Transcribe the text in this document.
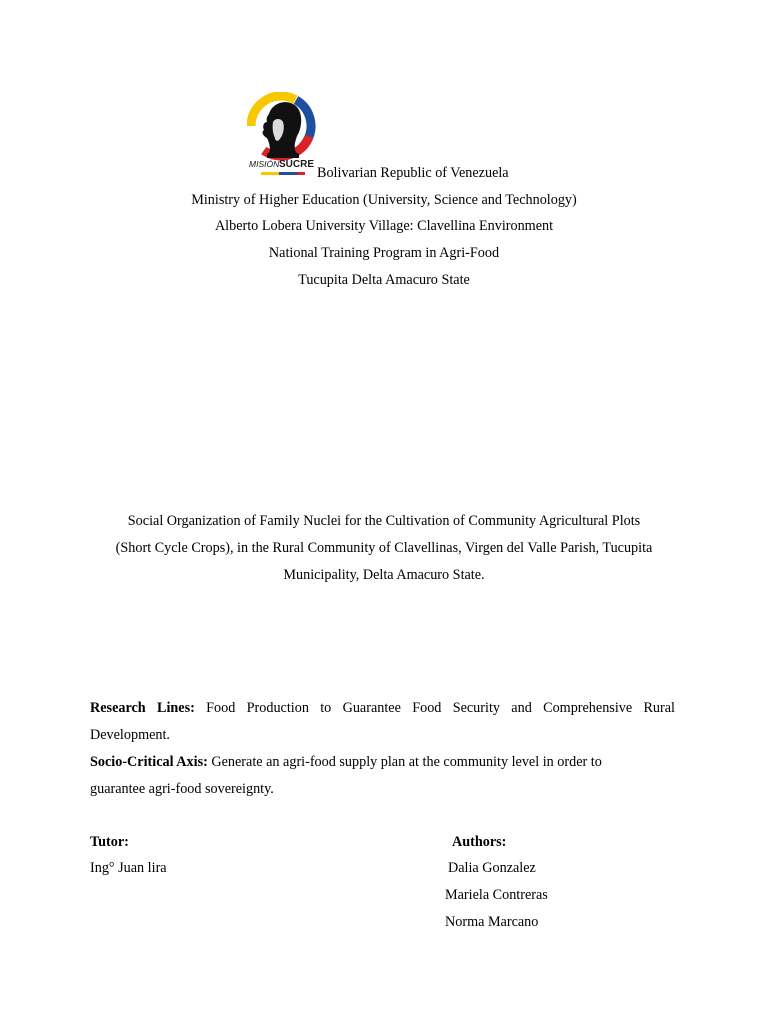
MISIÓN SUCRE
Bolivarian Republic of Venezuela
Ministry of Higher Education (University, Science and Technology)
Alberto Lobera University Village: Clavellina Environment
National Training Program in Agri-Food
Tucupita Delta Amacuro State
Social Organization of Family Nuclei for the Cultivation of Community Agricultural Plots
(Short Cycle Crops), in the Rural Community of Clavellinas, Virgen del Valle Parish, Tucupita
Municipality, Delta Amacuro State.
Research Lines: Food Production to Guarantee Food Security and Comprehensive Rural
Development.
Socio-Critical Axis: Generate an agri-food supply plan at the community level in order to
guarantee agri-food sovereignty.
Tutor:
Ing° Juan lira
Authors:
Dalia Gonzalez
Mariela Contreras
Norma Marcano
